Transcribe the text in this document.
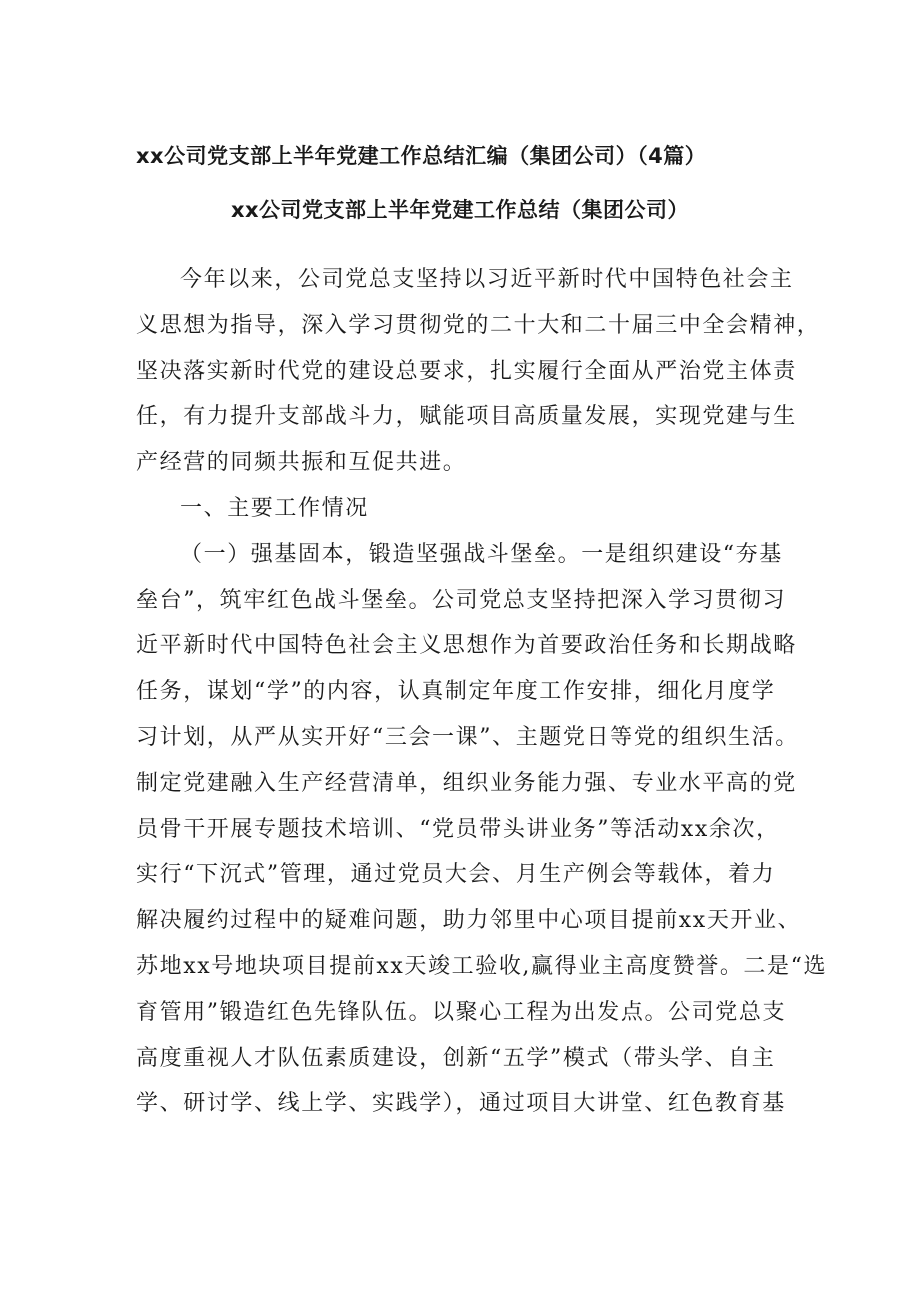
xx公司党支部上半年党建工作总结汇编（集团公司）（4篇）
xx公司党支部上半年党建工作总结（集团公司）
今年以来，公司党总支坚持以习近平新时代中国特色社会主
义思想为指导，深入学习贯彻党的二十大和二十届三中全会精神，
坚决落实新时代党的建设总要求，扎实履行全面从严治党主体责
任，有力提升支部战斗力，赋能项目高质量发展，实现党建与生
产经营的同频共振和互促共进。
一、主要工作情况
（一）强基固本，锻造坚强战斗堡垒。一是组织建设“夯基
垒台”，筑牢红色战斗堡垒。公司党总支坚持把深入学习贯彻习
近平新时代中国特色社会主义思想作为首要政治任务和长期战略
任务，谋划“学”的内容，认真制定年度工作安排，细化月度学
习计划，从严从实开好“三会一课”、主题党日等党的组织生活。
制定党建融入生产经营清单，组织业务能力强、专业水平高的党
员骨干开展专题技术培训、“党员带头讲业务”等活动xx余次，
实行“下沉式”管理，通过党员大会、月生产例会等载体，着力
解决履约过程中的疑难问题，助力邻里中心项目提前xx天开业、
苏地xx号地块项目提前xx天竣工验收,赢得业主高度赞誉。二是“选
育管用”锻造红色先锋队伍。以聚心工程为出发点。公司党总支
高度重视人才队伍素质建设，创新“五学”模式（带头学、自主
学、研讨学、线上学、实践学），通过项目大讲堂、红色教育基
